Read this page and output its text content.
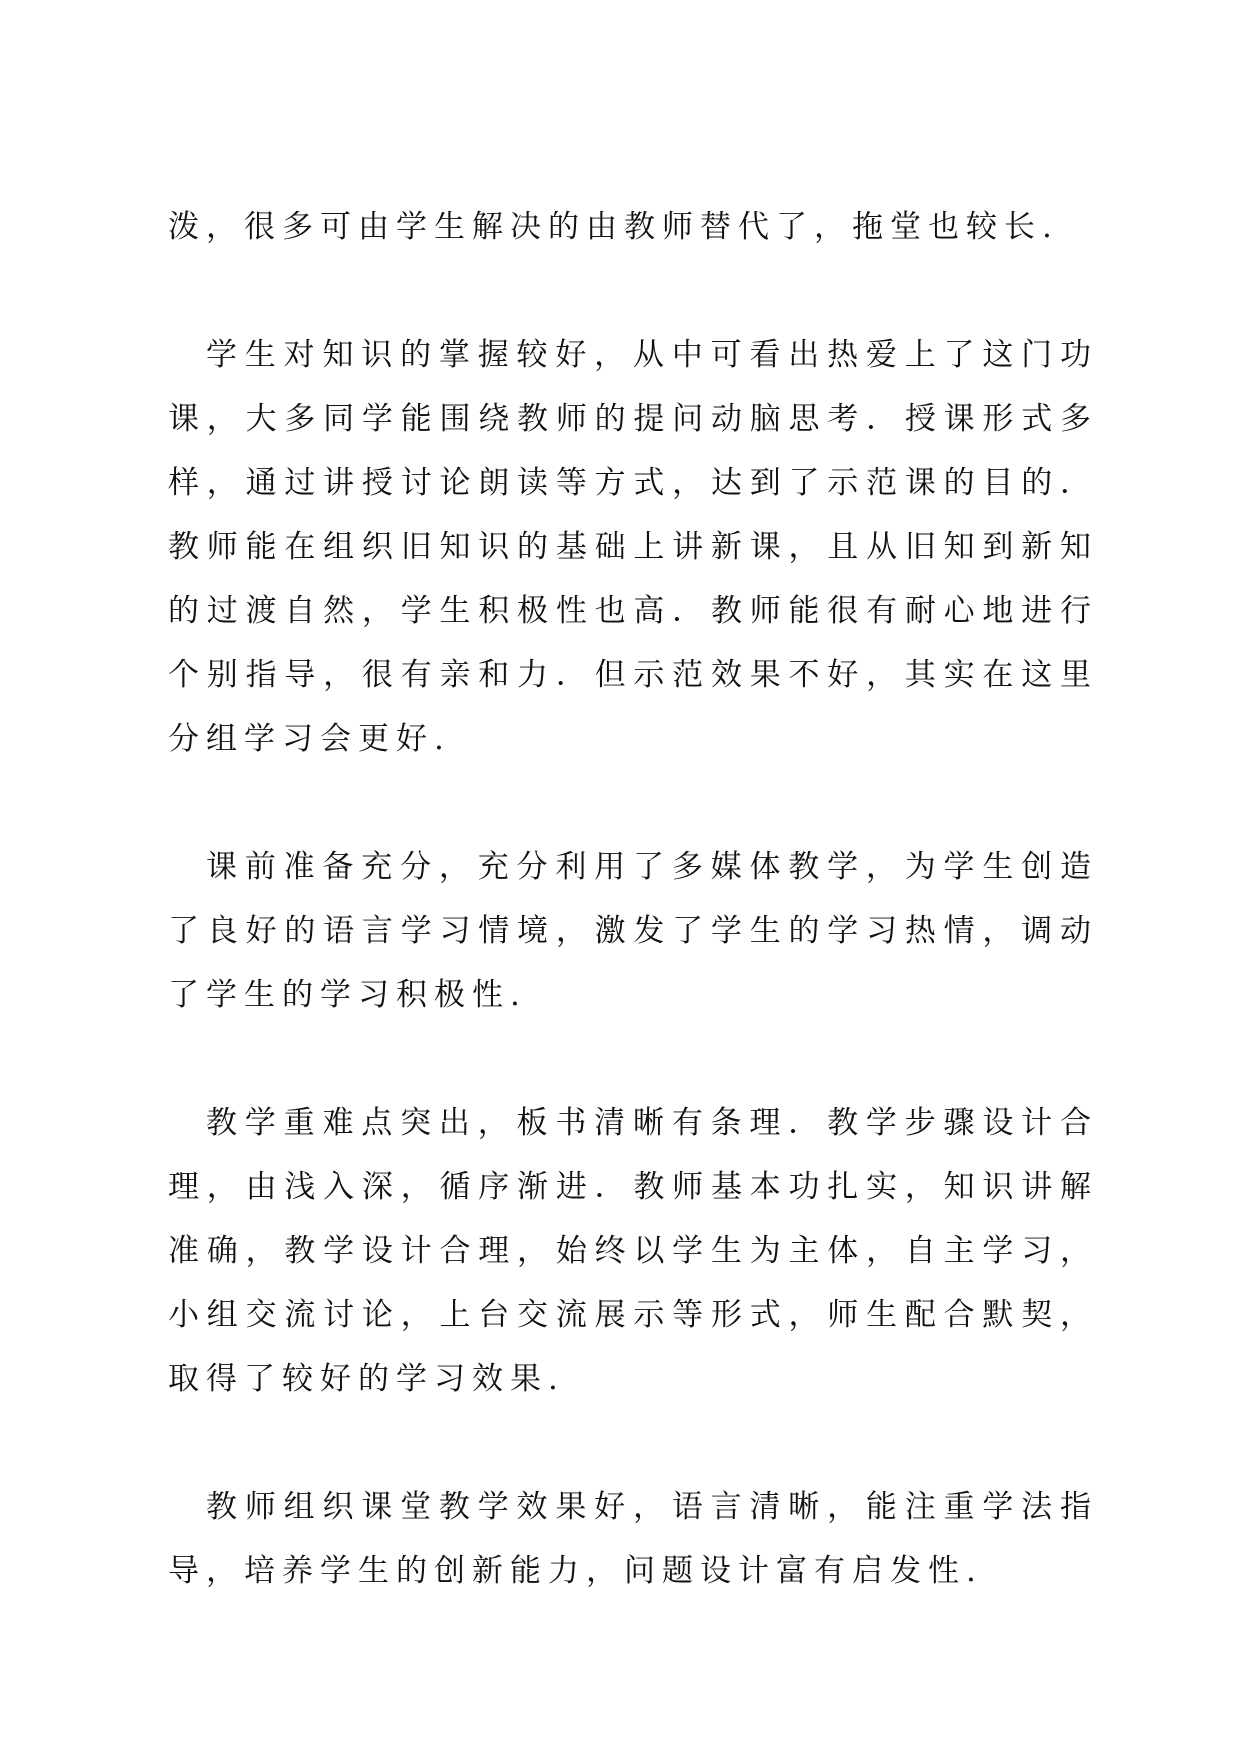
泼，很多可由学生解决的由教师替代了，拖堂也较长.

学生对知识的掌握较好，从中可看出热爱上了这门功课，大多同学能围绕教师的提问动脑思考．授课形式多样，通过讲授讨论朗读等方式，达到了示范课的目的．教师能在组织旧知识的基础上讲新课，且从旧知到新知的过渡自然，学生积极性也高．教师能很有耐心地进行个别指导，很有亲和力．但示范效果不好，其实在这里分组学习会更好.

课前准备充分，充分利用了多媒体教学，为学生创造了良好的语言学习情境，激发了学生的学习热情，调动了学生的学习积极性.

教学重难点突出，板书清晰有条理．教学步骤设计合理，由浅入深，循序渐进．教师基本功扎实，知识讲解准确，教学设计合理，始终以学生为主体，自主学习，小组交流讨论，上台交流展示等形式，师生配合默契，取得了较好的学习效果.

教师组织课堂教学效果好，语言清晰，能注重学法指导，培养学生的创新能力，问题设计富有启发性.
